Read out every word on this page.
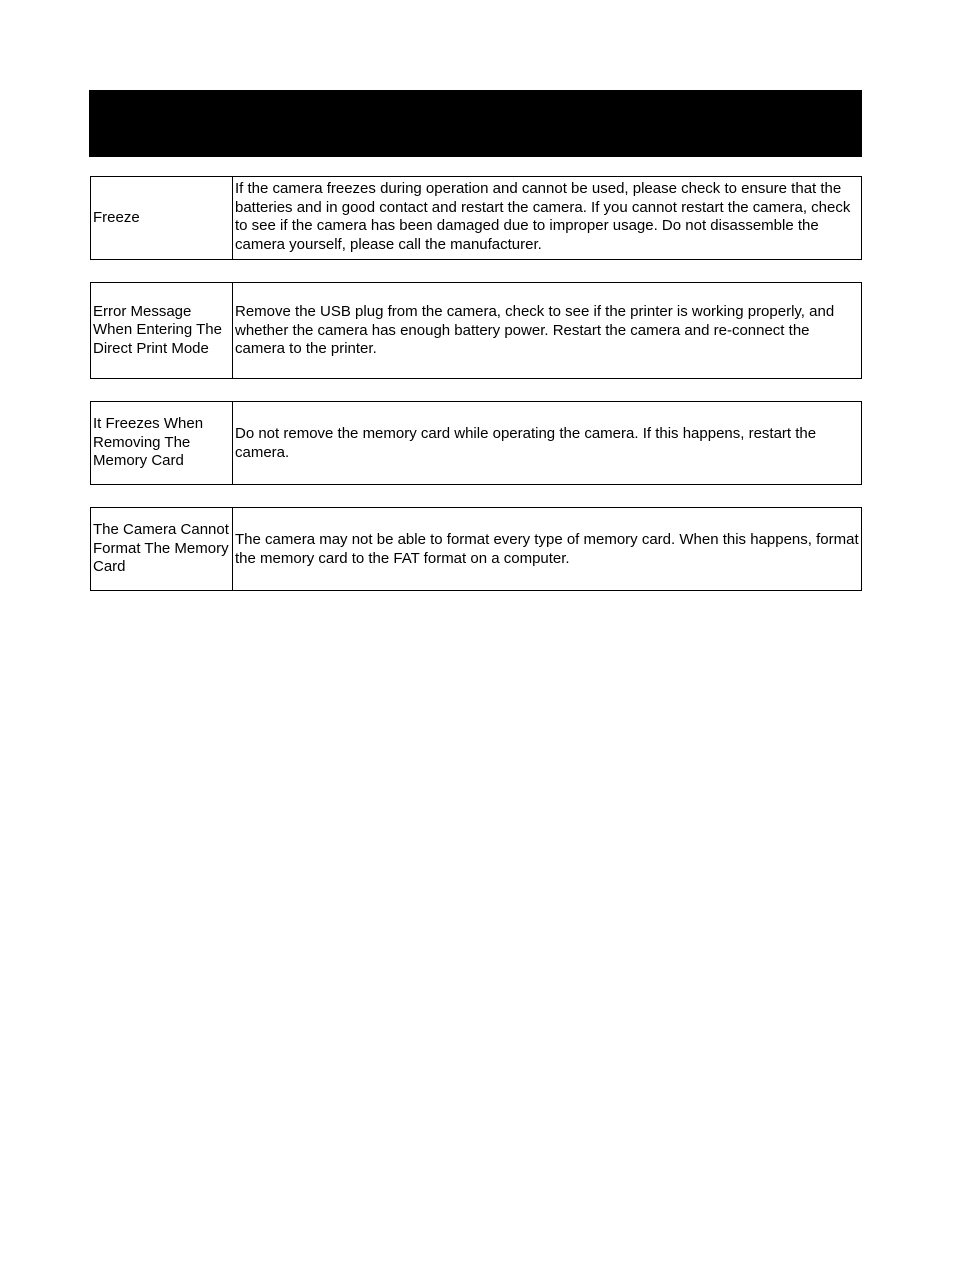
Freeze
If the camera freezes during operation and cannot be used, please check to ensure that the batteries and in good contact and restart the camera. If you cannot restart the camera, check to see if the camera has been damaged due to improper usage. Do not disassemble the camera yourself, please call the manufacturer.
Error Message When Entering The Direct Print Mode
Remove the USB plug from the camera, check to see if the printer is working properly, and whether the camera has enough battery power. Restart the camera and re-connect the camera to the printer.
It Freezes When Removing The Memory Card
Do not remove the memory card while operating the camera. If this happens, restart the camera.
The Camera Cannot Format The Memory Card
The camera may not be able to format every type of memory card. When this happens, format the memory card to the FAT format on a computer.
